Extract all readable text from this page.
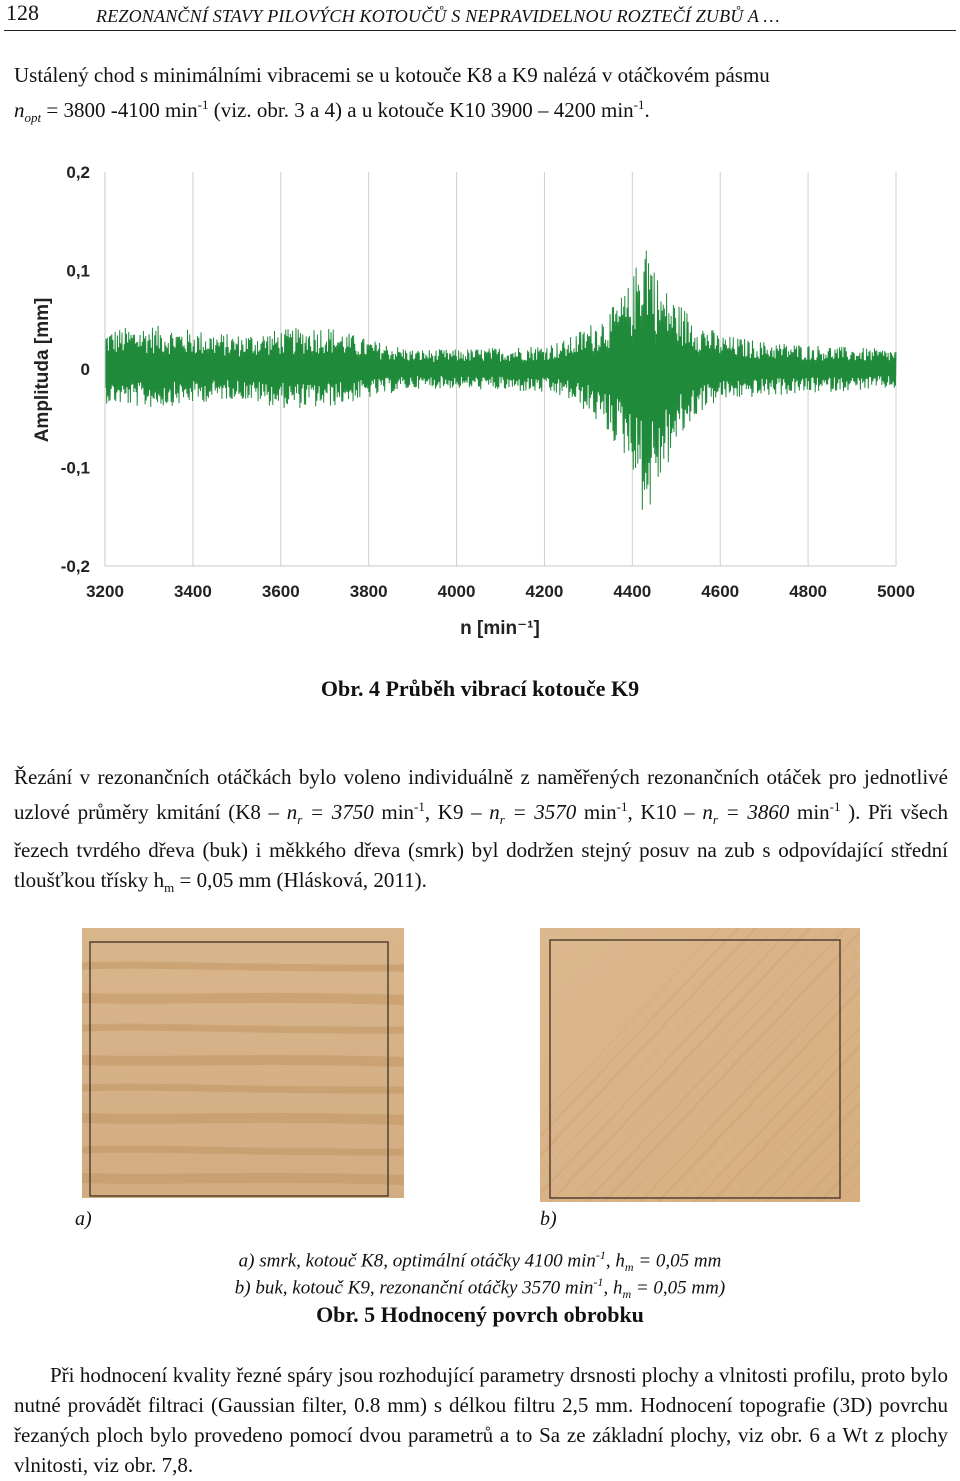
128	REZONANČNÍ STAVY PILOVÝCH KOTOUČŮ S NEPRAVIDELNOU ROZTEČÍ ZUBŮ A …
Ustálený chod s minimálními vibracemi se u kotouče K8 a K9 nalézá v otáčkovém pásmu
$n_{opt} = 3800$ -4100 $\min^{-1} (viz$. obr. 3 a 4) a u kotouče K10 3900 – 4200 $\min^{-1}$.
3200	3400	3600	3800	4000	4200	4400	4600	4800	5000
0,2
0,1
0
-0,1
-0,2
Amplituda [mm]
n [min⁻¹]
Obr. 4 Průběh vibrací kotouče K9
Řezání v rezonančních otáčkách bylo voleno individuálně z naměřených rezonančních otáček pro jednotlivé uzlové průměry kmitání ($K8 - n_r = 3750$ $\min^{-1}$, $K9 - n_r = 3570$ $\min^{-1}$, $K10 - n_r = 3860$ $\min^{-1}$ ). Při všech řezech tvrdého dřeva (buk) i měkkého dřeva (smrk) byl dodržen stejný posuv na zub s odpovídající střední tloušťkou třísky $h_m = 0,05$ mm (Hlásková, 2011).
a)	b)
a) smrk, kotouč K8, optimální otáčky 4100 $\min^{-1}$, $h_m = 0,05$ mm
b) buk, kotouč K9, rezonanční otáčky 3570 $\min^{-1}$, $h_m = 0,05$ mm)
Obr. 5 Hodnocený povrch obrobku
Při hodnocení kvality řezné spáry jsou rozhodující parametry drsnosti plochy a vlnitosti profilu, proto bylo nutné provádět filtraci (Gaussian filter, 0.8 mm) s délkou filtru 2,5 mm. Hodnocení topografie (3D) povrchu řezaných ploch bylo provedeno pomocí dvou parametrů a to Sa ze základní plochy, viz obr. 6 a Wt z plochy vlnitosti, viz obr. 7,8.
